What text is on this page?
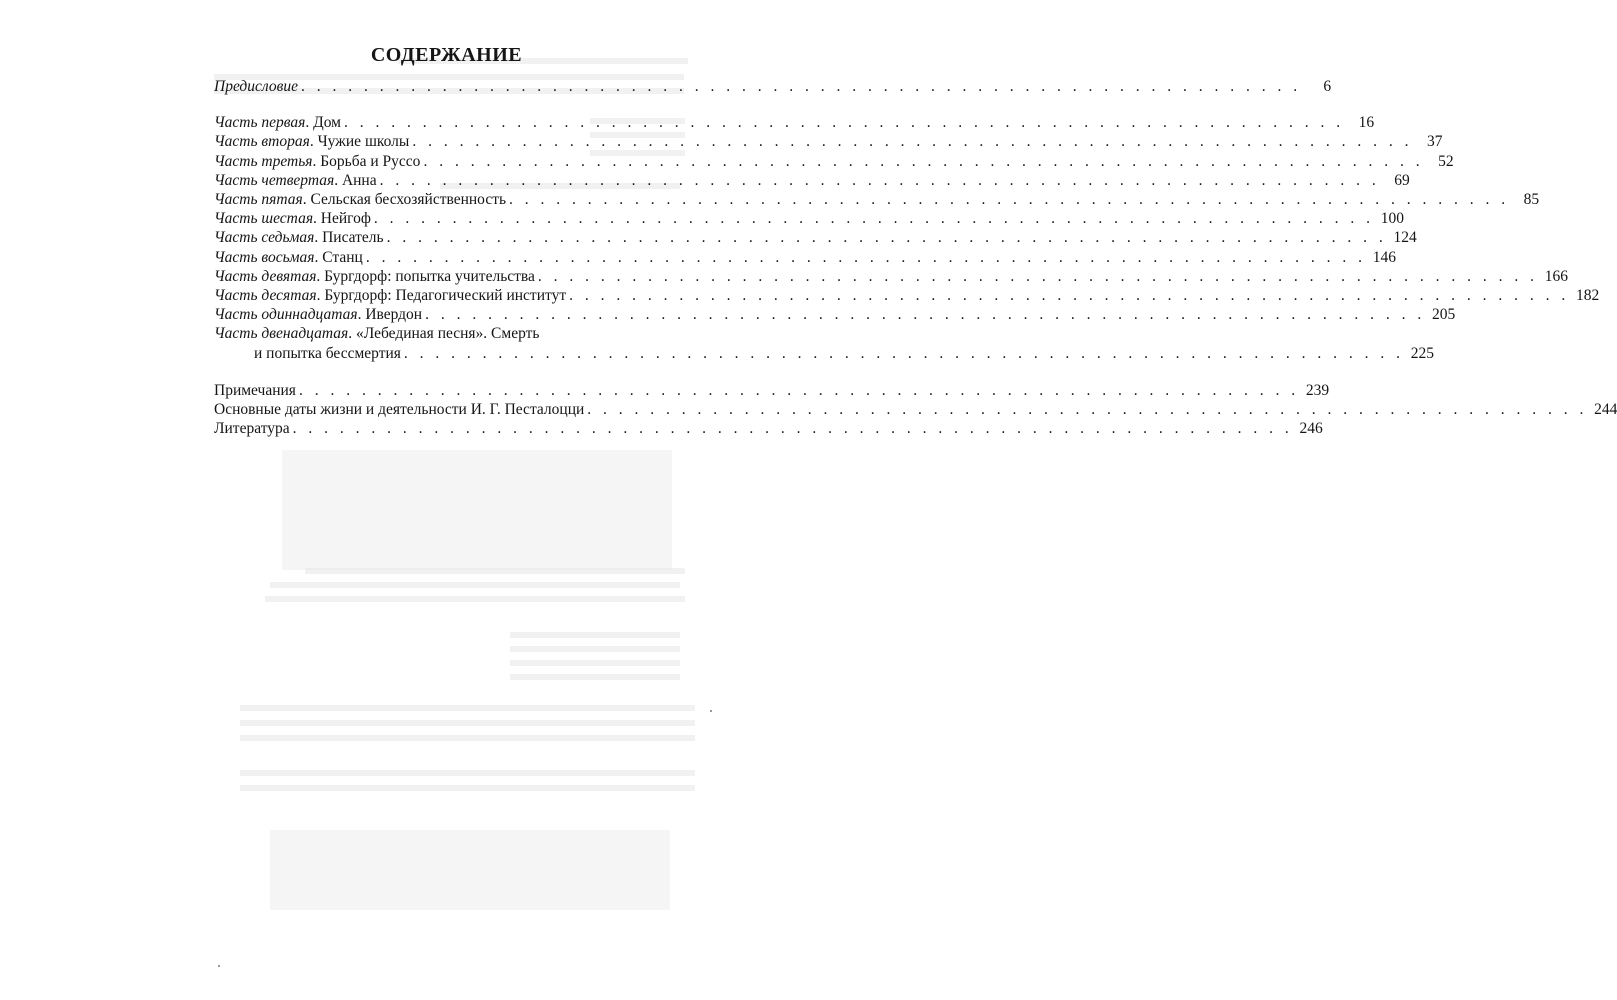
СОДЕРЖАНИЕ
Предисловие . . . . . . . . . . . . . . . . . . . . . . . . . . . . . . . . . . . . . . . . . . . . . . . . . . . . . . . . . . . . . . . .	6
Часть первая. Дом . . . . . . . . . . . . . . . . . . . . . . . . . . . . . . . . . . . . . . . . . . . . . . . . . . . . . . . . . . . . . . . . 16
Часть вторая. Чужие школы . . . . . . . . . . . . . . . . . . . . . . . . . . . . . . . . . . . . . . . . . . . . . . . . . . . . . . . . . . . . . . . . 37
Часть третья. Борьба и Руссо . . . . . . . . . . . . . . . . . . . . . . . . . . . . . . . . . . . . . . . . . . . . . . . . . . . . . . . . . . . . . . . . 52
Часть четвертая. Анна . . . . . . . . . . . . . . . . . . . . . . . . . . . . . . . . . . . . . . . . . . . . . . . . . . . . . . . . . . . . . . . . 69
Часть пятая. Сельская бесхозяйственность . . . . . . . . . . . . . . . . . . . . . . . . . . . . . . . . . . . . . . . . . . . . . . . . . . . . . . . . . . . . . . . . 85
Часть шестая. Нейгоф . . . . . . . . . . . . . . . . . . . . . . . . . . . . . . . . . . . . . . . . . . . . . . . . . . . . . . . . . . . . . . . . 100
Часть седьмая. Писатель . . . . . . . . . . . . . . . . . . . . . . . . . . . . . . . . . . . . . . . . . . . . . . . . . . . . . . . . . . . . . . . . 124
Часть восьмая. Станц . . . . . . . . . . . . . . . . . . . . . . . . . . . . . . . . . . . . . . . . . . . . . . . . . . . . . . . . . . . . . . . . 146
Часть девятая. Бургдорф: попытка учительства . . . . . . . . . . . . . . . . . . . . . . . . . . . . . . . . . . . . . . . . . . . . . . . . . . . . . . . . . . . . . . . . 166
Часть десятая. Бургдорф: Педагогический институт . . . . . . . . . . . . . . . . . . . . . . . . . . . . . . . . . . . . . . . . . . . . . . . . . . . . . . . . . . . . . . . . 182
Часть одиннадцатая. Ивердон . . . . . . . . . . . . . . . . . . . . . . . . . . . . . . . . . . . . . . . . . . . . . . . . . . . . . . . . . . . . . . . . 205
Часть двенадцатая. «Лебединая песня». Смерть
и попытка бессмертия . . . . . . . . . . . . . . . . . . . . . . . . . . . . . . . . . . . . . . . . . . . . . . . . . . . . . . . . . . . . . . . . 225
Примечания . . . . . . . . . . . . . . . . . . . . . . . . . . . . . . . . . . . . . . . . . . . . . . . . . . . . . . . . . . . . . . . . 239
Основные даты жизни и деятельности И. Г. Песталоцци . . . . . . . . . . . . . . . . . . . . . . . . . . . . . . . . . . . . . . . . . . . . . . . . . . . . . . . . . . . . . . . . 244
Литература . . . . . . . . . . . . . . . . . . . . . . . . . . . . . . . . . . . . . . . . . . . . . . . . . . . . . . . . . . . . . . . . 246
